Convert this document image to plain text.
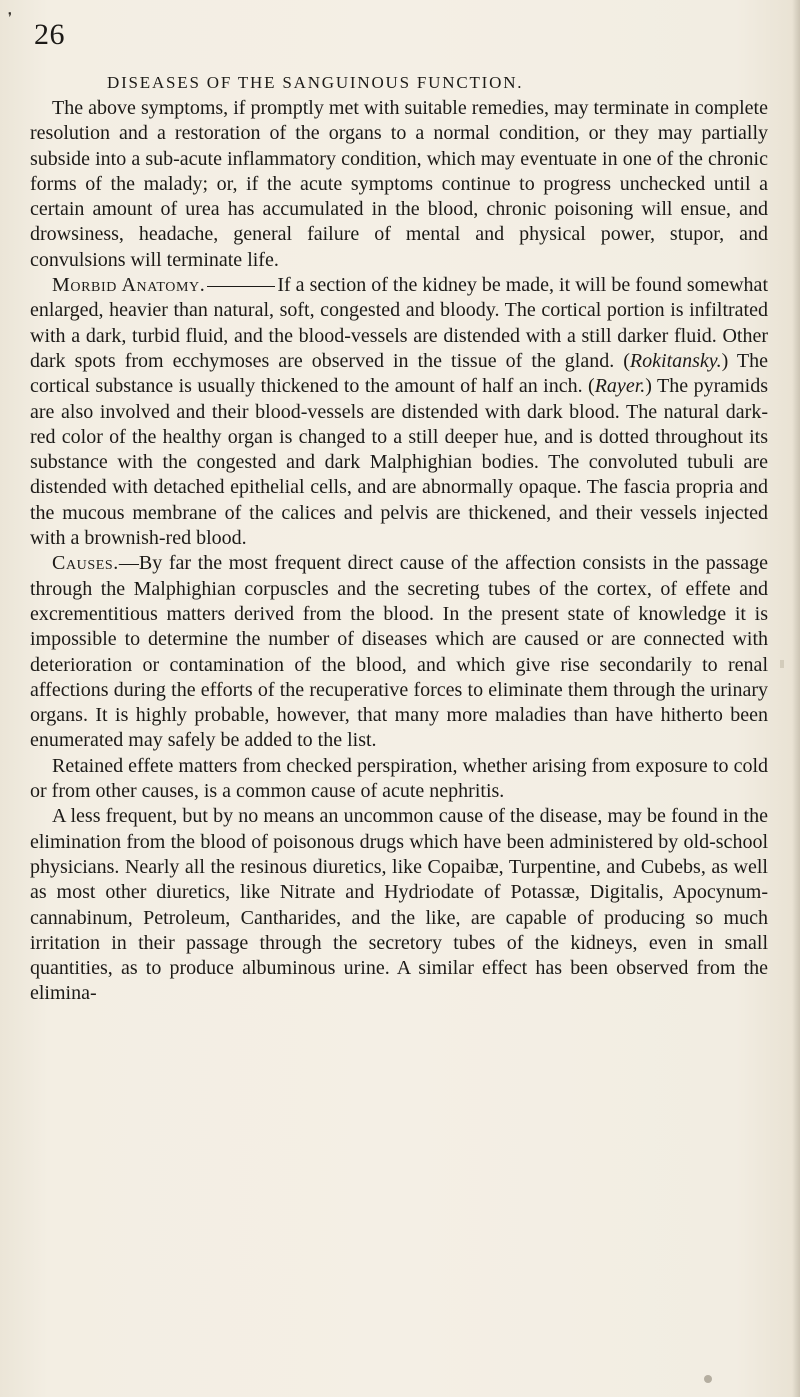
❜
26
DISEASES OF THE SANGUINOUS FUNCTION.

The above symptoms, if promptly met with suitable remedies, may terminate in complete resolution and a restoration of the organs to a normal condition, or they may partially subside into a sub-acute inflammatory condition, which may eventuate in one of the chronic forms of the malady; or, if the acute symptoms continue to progress unchecked until a certain amount of urea has accumulated in the blood, chronic poisoning will ensue, and drowsiness, headache, general failure of mental and physical power, stupor, and convulsions will terminate life.

Morbid Anatomy.	If a section of the kidney be made, it will be found somewhat enlarged, heavier than natural, soft, congested and bloody. The cortical portion is infiltrated with a dark, turbid fluid, and the blood-vessels are distended with a still darker fluid. Other dark spots from ecchymoses are observed in the tissue of the gland. (Rokitansky.) The cortical substance is usually thickened to the amount of half an inch. (Rayer.) The pyramids are also involved and their blood-vessels are distended with dark blood. The natural dark-red color of the healthy organ is changed to a still deeper hue, and is dotted throughout its substance with the congested and dark Malphighian bodies. The convoluted tubuli are distended with detached epithelial cells, and are abnormally opaque. The fascia propria and the mucous membrane of the calices and pelvis are thickened, and their vessels injected with a brownish-red blood.

Causes.—By far the most frequent direct cause of the affection consists in the passage through the Malphighian corpuscles and the secreting tubes of the cortex, of effete and excrementitious matters derived from the blood. In the present state of knowledge it is impossible to determine the number of diseases which are caused or are connected with deterioration or contamination of the blood, and which give rise secondarily to renal affections during the efforts of the recuperative forces to eliminate them through the urinary organs. It is highly probable, however, that many more maladies than have hitherto been enumerated may safely be added to the list.

Retained effete matters from checked perspiration, whether arising from exposure to cold or from other causes, is a common cause of acute nephritis.

A less frequent, but by no means an uncommon cause of the disease, may be found in the elimination from the blood of poisonous drugs which have been administered by old-school physicians. Nearly all the resinous diuretics, like Copaibæ, Turpentine, and Cubebs, as well as most other diuretics, like Nitrate and Hydriodate of Potassæ, Digitalis, Apocynum-cannabinum, Petroleum, Cantharides, and the like, are capable of producing so much irritation in their passage through the secretory tubes of the kidneys, even in small quantities, as to produce albuminous urine. A similar effect has been observed from the elimina-
